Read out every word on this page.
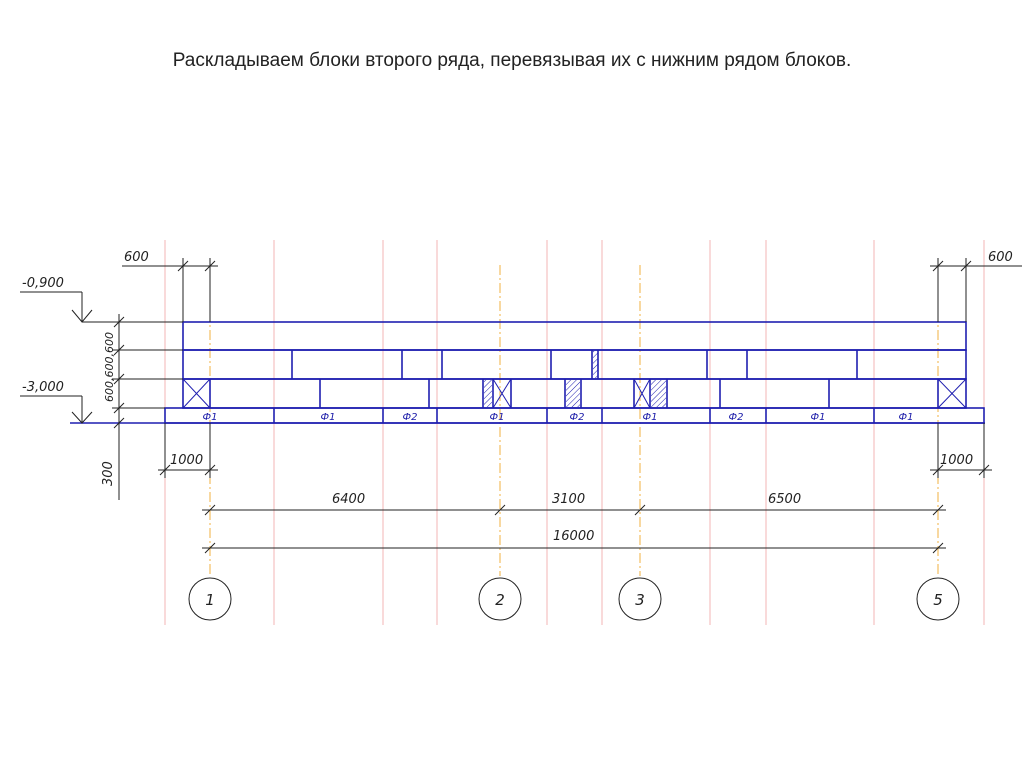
Раскладываем блоки второго ряда, перевязывая их с нижним рядом блоков.
Ф1	Ф1	Ф2	Ф1	Ф2	Ф1	Ф2	Ф1	Ф1
-0,900
-3,000	600,600,600
300
600	600
1000	1000
6400	3100	6500
16000
1	2	3	5
